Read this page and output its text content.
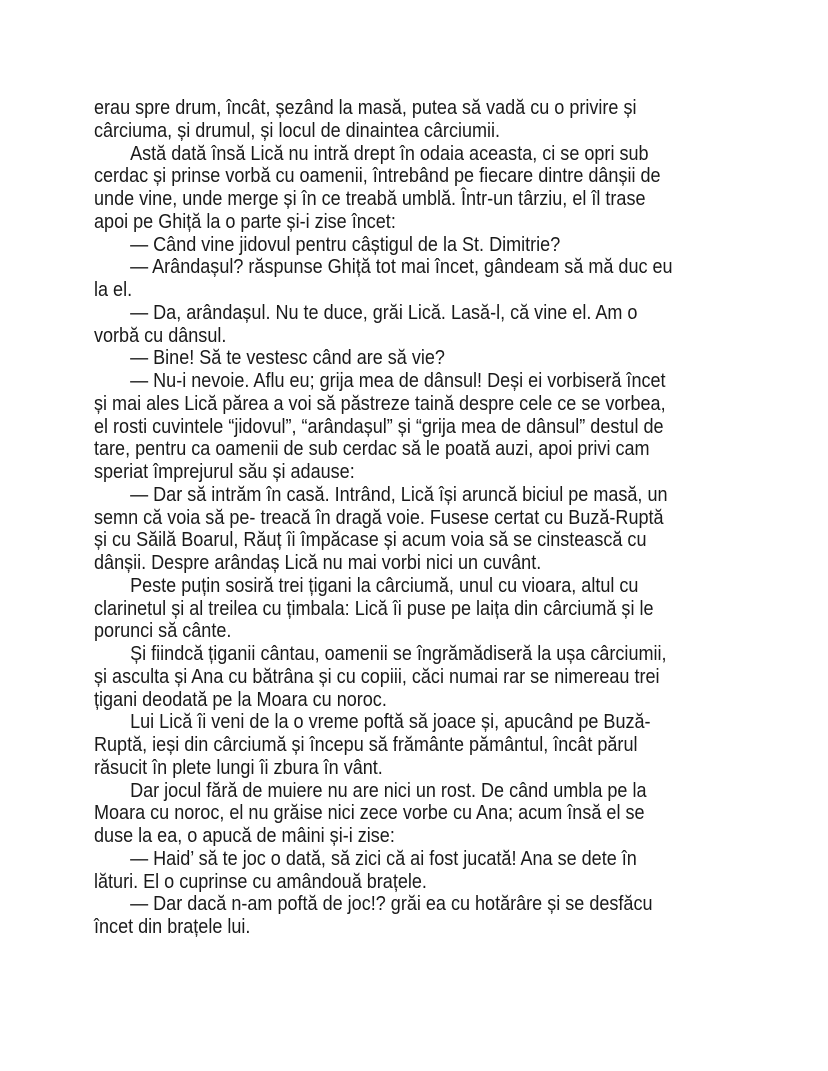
erau spre drum, încât, șezând la masă, putea să vadă cu o privire și
cârciuma, și drumul, și locul de dinaintea cârciumii.
Astă dată însă Lică nu intră drept în odaia aceasta, ci se opri sub
cerdac și prinse vorbă cu oamenii, întrebând pe fiecare dintre dânșii de
unde vine, unde merge și în ce treabă umblă. Într-un târziu, el îl trase
apoi pe Ghiță la o parte și-i zise încet:
— Când vine jidovul pentru câștigul de la St. Dimitrie?
— Arândașul? răspunse Ghiță tot mai încet, gândeam să mă duc eu
la el.
— Da, arândașul. Nu te duce, grăi Lică. Lasă-l, că vine el. Am o
vorbă cu dânsul.
— Bine! Să te vestesc când are să vie?
— Nu-i nevoie. Aflu eu; grija mea de dânsul! Deși ei vorbiseră încet
și mai ales Lică părea a voi să păstreze taină despre cele ce se vorbea,
el rosti cuvintele “jidovul”, “arândașul” și “grija mea de dânsul” destul de
tare, pentru ca oamenii de sub cerdac să le poată auzi, apoi privi cam
speriat împrejurul său și adause:
— Dar să intrăm în casă. Intrând, Lică își aruncă biciul pe masă, un
semn că voia să pe- treacă în dragă voie. Fusese certat cu Buză-Ruptă
și cu Săilă Boarul, Răuț îi împăcase și acum voia să se cinstească cu
dânșii. Despre arândaș Lică nu mai vorbi nici un cuvânt.
Peste puțin sosiră trei țigani la cârciumă, unul cu vioara, altul cu
clarinetul și al treilea cu țimbala: Lică îi puse pe laița din cârciumă și le
porunci să cânte.
Și fiindcă țiganii cântau, oamenii se îngrămădiseră la ușa cârciumii,
și asculta și Ana cu bătrâna și cu copiii, căci numai rar se nimereau trei
țigani deodată pe la Moara cu noroc.
Lui Lică îi veni de la o vreme poftă să joace și, apucând pe Buză-
Ruptă, ieși din cârciumă și începu să frământe pământul, încât părul
răsucit în plete lungi îi zbura în vânt.
Dar jocul fără de muiere nu are nici un rost. De când umbla pe la
Moara cu noroc, el nu grăise nici zece vorbe cu Ana; acum însă el se
duse la ea, o apucă de mâini și-i zise:
— Haid’ să te joc o dată, să zici că ai fost jucată! Ana se dete în
lături. El o cuprinse cu amândouă brațele.
— Dar dacă n-am poftă de joc!? grăi ea cu hotărâre și se desfăcu
încet din brațele lui.
